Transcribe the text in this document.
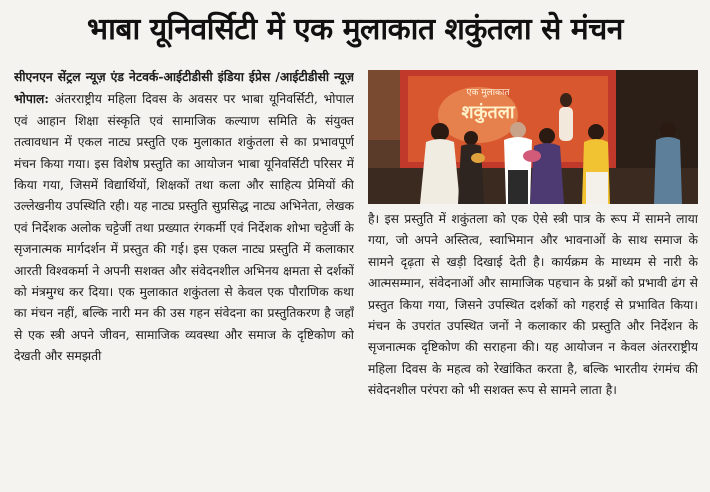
भाबा यूनिवर्सिटी में एक मुलाकात शकुंतला से मंचन
सीएनएन सेंट्रल न्यूज़ एंड नेटवर्क-आईटीडीसी इंडिया ईप्रेस /आईटीडीसी न्यूज़ भोपाल: अंतरराष्ट्रीय महिला दिवस के अवसर पर भाबा यूनिवर्सिटी, भोपाल एवं आहान शिक्षा संस्कृति एवं सामाजिक कल्याण समिति के संयुक्त तत्वावधान में एकल नाट्य प्रस्तुति एक मुलाकात शकुंतला से का प्रभावपूर्ण मंचन किया गया। इस विशेष प्रस्तुति का आयोजन भाबा यूनिवर्सिटी परिसर में किया गया, जिसमें विद्यार्थियों, शिक्षकों तथा कला और साहित्य प्रेमियों की उल्लेखनीय उपस्थिति रही। यह नाट्य प्रस्तुति सुप्रसिद्ध नाट्य अभिनेता, लेखक एवं निर्देशक अलोक चट्टेर्जी तथा प्रख्यात रंगकर्मी एवं निर्देशक शोभा चट्टेर्जी के सृजनात्मक मार्गदर्शन में प्रस्तुत की गई। इस एकल नाट्य प्रस्तुति में कलाकार आरती विश्वकर्मा ने अपनी सशक्त और संवेदनशील अभिनय क्षमता से दर्शकों को मंत्रमुग्ध कर दिया। एक मुलाकात शकुंतला से केवल एक पौराणिक कथा का मंचन नहीं, बल्कि नारी मन की उस गहन संवेदना का प्रस्तुतिकरण है जहाँ से एक स्त्री अपने जीवन, सामाजिक व्यवस्था और समाज के दृष्टिकोण को देखती और समझती
एक मुलाकात
शकुंतला
है। इस प्रस्तुति में शकुंतला को एक ऐसे स्त्री पात्र के रूप में सामने लाया गया, जो अपने अस्तित्व, स्वाभिमान और भावनाओं के साथ समाज के सामने दृढ़ता से खड़ी दिखाई देती है। कार्यक्रम के माध्यम से नारी के आत्मसम्मान, संवेदनाओं और सामाजिक पहचान के प्रश्नों को प्रभावी ढंग से प्रस्तुत किया गया, जिसने उपस्थित दर्शकों को गहराई से प्रभावित किया। मंचन के उपरांत उपस्थित जनों ने कलाकार की प्रस्तुति और निर्देशन के सृजनात्मक दृष्टिकोण की सराहना की। यह आयोजन न केवल अंतरराष्ट्रीय महिला दिवस के महत्व को रेखांकित करता है, बल्कि भारतीय रंगमंच की संवेदनशील परंपरा को भी सशक्त रूप से सामने लाता है।
